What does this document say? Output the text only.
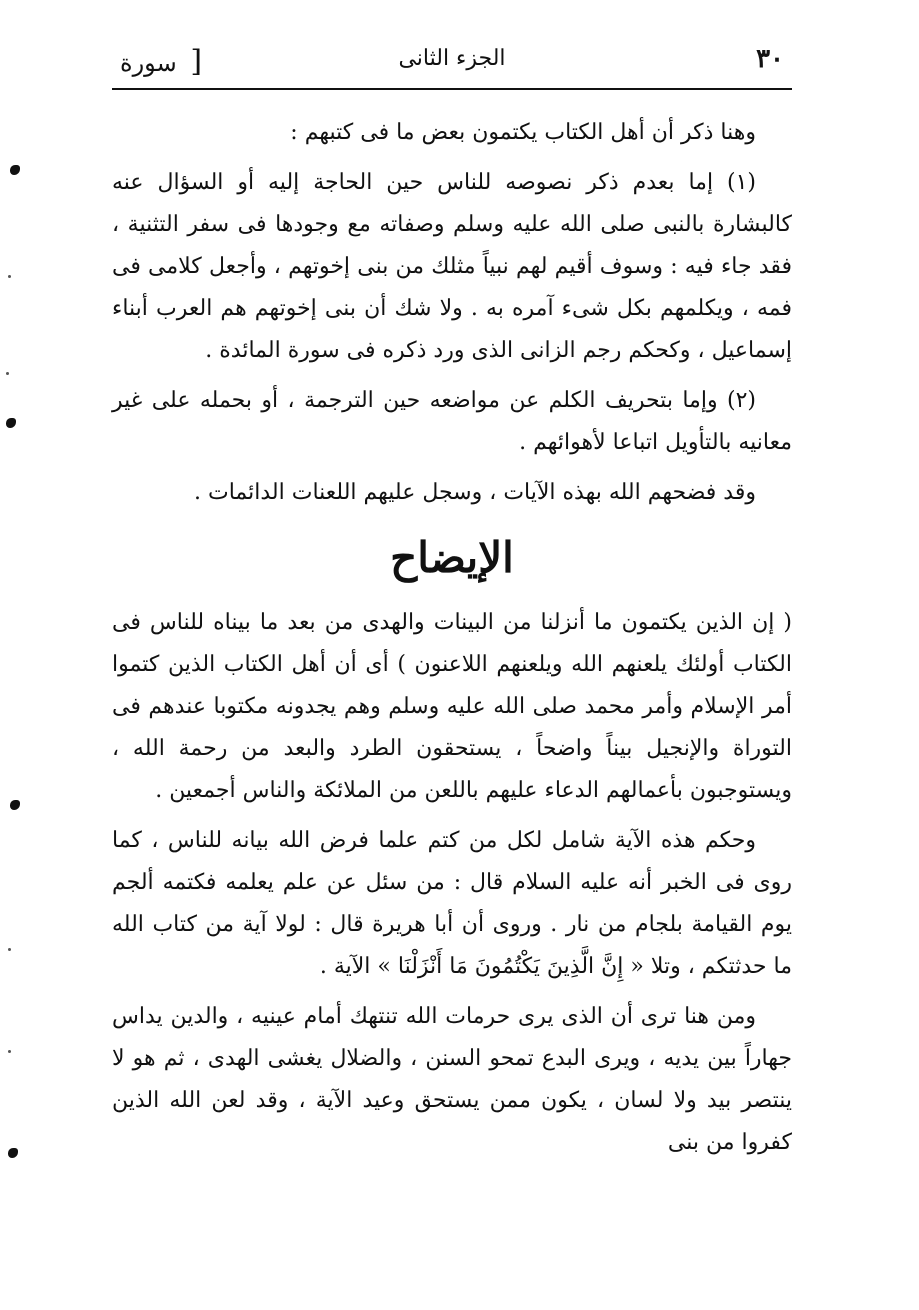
٣٠
الجزء الثانى
[ سورة

وهنا ذكر أن أهل الكتاب يكتمون بعض ما فى كتبهم :

(١) إما بعدم ذكر نصوصه للناس حين الحاجة إليه أو السؤال عنه كالبشارة بالنبى صلى الله عليه وسلم وصفاته مع وجودها فى سفر التثنية ، فقد جاء فيه : وسوف أقيم لهم نبياً مثلك من بنى إخوتهم ، وأجعل كلامى فى فمه ، ويكلمهم بكل شىء آمره به . ولا شك أن بنى إخوتهم هم العرب أبناء إسماعيل ، وكحكم رجم الزانى الذى ورد ذكره فى سورة المائدة .

(٢) وإما بتحريف الكلم عن مواضعه حين الترجمة ، أو بحمله على غير معانيه بالتأويل اتباعا لأهوائهم .

وقد فضحهم الله بهذه الآيات ، وسجل عليهم اللعنات الدائمات .

الإيضاح

( إن الذين يكتمون ما أنزلنا من البينات والهدى من بعد ما بيناه للناس فى الكتاب أولئك يلعنهم الله ويلعنهم اللاعنون ) أى أن أهل الكتاب الذين كتموا أمر الإسلام وأمر محمد صلى الله عليه وسلم وهم يجدونه مكتوبا عندهم فى التوراة والإنجيل بيناً واضحاً ، يستحقون الطرد والبعد من رحمة الله ، ويستوجبون بأعمالهم الدعاء عليهم باللعن من الملائكة والناس أجمعين .

وحكم هذه الآية شامل لكل من كتم علما فرض الله بيانه للناس ، كما روى فى الخبر أنه عليه السلام قال : من سئل عن علم يعلمه فكتمه ألجم يوم القيامة بلجام من نار . وروى أن أبا هريرة قال : لولا آية من كتاب الله ما حدثتكم ، وتلا « إِنَّ الَّذِينَ يَكْتُمُونَ مَا أَنْزَلْنَا » الآية .

ومن هنا ترى أن الذى يرى حرمات الله تنتهك أمام عينيه ، والدين يداس جهاراً بين يديه ، ويرى البدع تمحو السنن ، والضلال يغشى الهدى ، ثم هو لا ينتصر بيد ولا لسان ، يكون ممن يستحق وعيد الآية ، وقد لعن الله الذين كفروا من بنى
